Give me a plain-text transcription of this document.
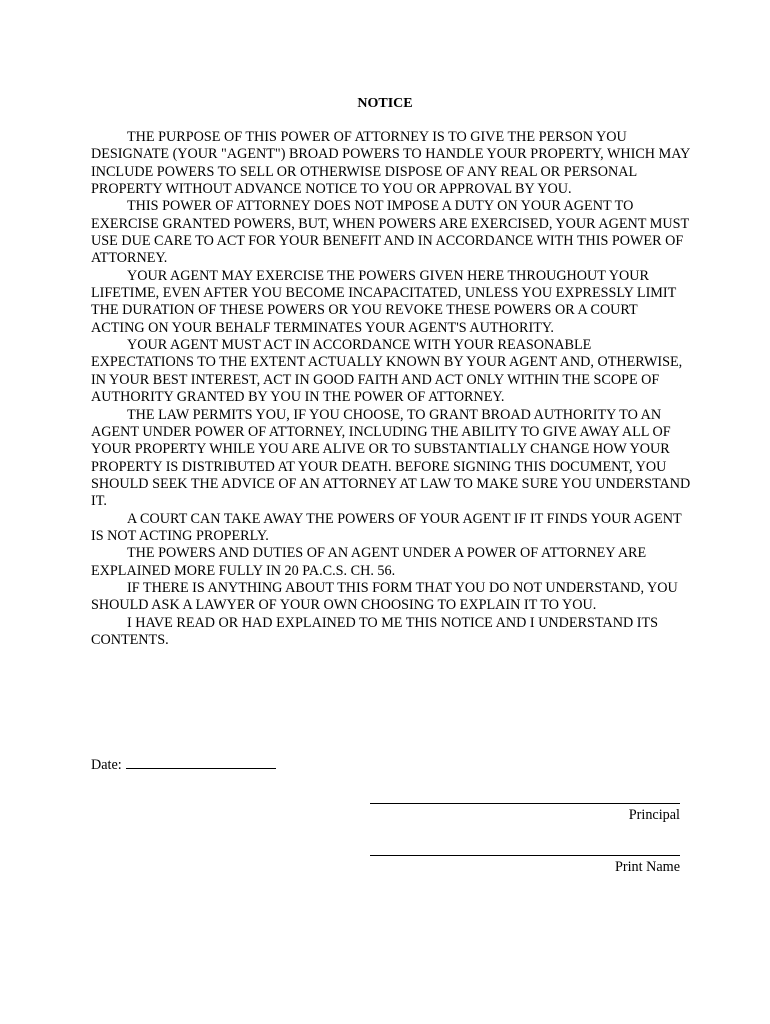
NOTICE

THE PURPOSE OF THIS POWER OF ATTORNEY IS TO GIVE THE PERSON YOU DESIGNATE (YOUR "AGENT") BROAD POWERS TO HANDLE YOUR PROPERTY, WHICH MAY INCLUDE POWERS TO SELL OR OTHERWISE DISPOSE OF ANY REAL OR PERSONAL PROPERTY WITHOUT ADVANCE NOTICE TO YOU OR APPROVAL BY YOU.

THIS POWER OF ATTORNEY DOES NOT IMPOSE A DUTY ON YOUR AGENT TO EXERCISE GRANTED POWERS, BUT, WHEN POWERS ARE EXERCISED, YOUR AGENT MUST USE DUE CARE TO ACT FOR YOUR BENEFIT AND IN ACCORDANCE WITH THIS POWER OF ATTORNEY.

YOUR AGENT MAY EXERCISE THE POWERS GIVEN HERE THROUGHOUT YOUR LIFETIME, EVEN AFTER YOU BECOME INCAPACITATED, UNLESS YOU EXPRESSLY LIMIT THE DURATION OF THESE POWERS OR YOU REVOKE THESE POWERS OR A COURT ACTING ON YOUR BEHALF TERMINATES YOUR AGENT'S AUTHORITY.

YOUR AGENT MUST ACT IN ACCORDANCE WITH YOUR REASONABLE EXPECTATIONS TO THE EXTENT ACTUALLY KNOWN BY YOUR AGENT AND, OTHERWISE, IN YOUR BEST INTEREST, ACT IN GOOD FAITH AND ACT ONLY WITHIN THE SCOPE OF AUTHORITY GRANTED BY YOU IN THE POWER OF ATTORNEY.

THE LAW PERMITS YOU, IF YOU CHOOSE, TO GRANT BROAD AUTHORITY TO AN AGENT UNDER POWER OF ATTORNEY, INCLUDING THE ABILITY TO GIVE AWAY ALL OF YOUR PROPERTY WHILE YOU ARE ALIVE OR TO SUBSTANTIALLY CHANGE HOW YOUR PROPERTY IS DISTRIBUTED AT YOUR DEATH. BEFORE SIGNING THIS DOCUMENT, YOU SHOULD SEEK THE ADVICE OF AN ATTORNEY AT LAW TO MAKE SURE YOU UNDERSTAND IT.

A COURT CAN TAKE AWAY THE POWERS OF YOUR AGENT IF IT FINDS YOUR AGENT IS NOT ACTING PROPERLY.

THE POWERS AND DUTIES OF AN AGENT UNDER A POWER OF ATTORNEY ARE EXPLAINED MORE FULLY IN 20 PA.C.S. CH. 56.

IF THERE IS ANYTHING ABOUT THIS FORM THAT YOU DO NOT UNDERSTAND, YOU SHOULD ASK A LAWYER OF YOUR OWN CHOOSING TO EXPLAIN IT TO YOU.

I HAVE READ OR HAD EXPLAINED TO ME THIS NOTICE AND I UNDERSTAND ITS CONTENTS.

Date:
Principal
Print Name
